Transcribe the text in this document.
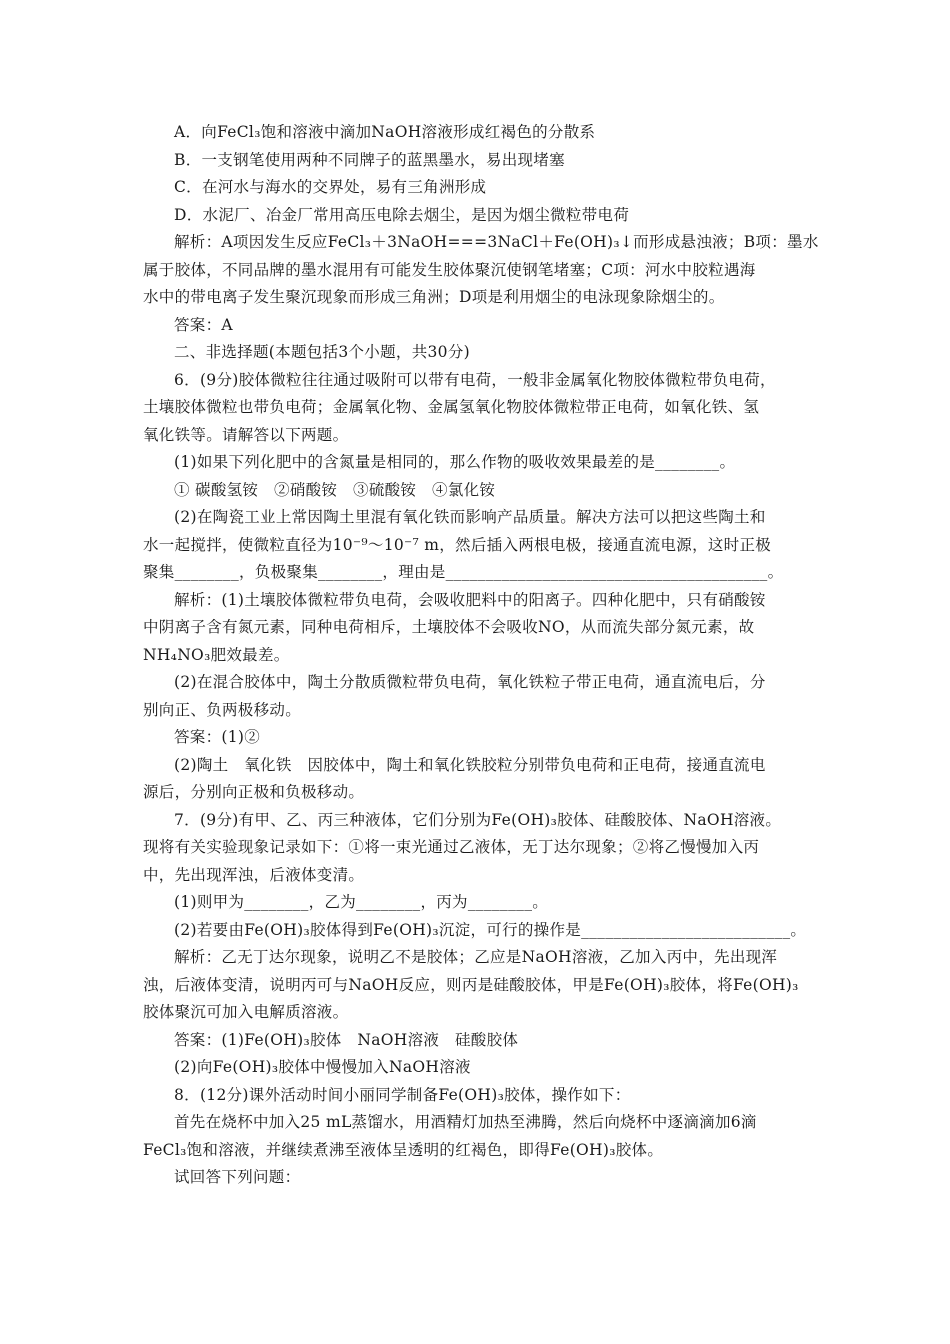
A．向FeCl₃饱和溶液中滴加NaOH溶液形成红褐色的分散系
B．一支钢笔使用两种不同牌子的蓝黑墨水，易出现堵塞
C．在河水与海水的交界处，易有三角洲形成
D．水泥厂、冶金厂常用高压电除去烟尘，是因为烟尘微粒带电荷
解析：A项因发生反应FeCl₃＋3NaOH===3NaCl＋Fe(OH)₃↓而形成悬浊液；B项：墨水
属于胶体，不同品牌的墨水混用有可能发生胶体聚沉使钢笔堵塞；C项：河水中胶粒遇海
水中的带电离子发生聚沉现象而形成三角洲；D项是利用烟尘的电泳现象除烟尘的。
答案：A
二、非选择题(本题包括3个小题，共30分)
6．(9分)胶体微粒往往通过吸附可以带有电荷，一般非金属氧化物胶体微粒带负电荷，
土壤胶体微粒也带负电荷；金属氧化物、金属氢氧化物胶体微粒带正电荷，如氧化铁、氢
氧化铁等。请解答以下两题。
(1)如果下列化肥中的含氮量是相同的，那么作物的吸收效果最差的是________。
① 碳酸氢铵　②硝酸铵　③硫酸铵　④氯化铵
(2)在陶瓷工业上常因陶土里混有氧化铁而影响产品质量。解决方法可以把这些陶土和
水一起搅拌，使微粒直径为10⁻⁹～10⁻⁷ m，然后插入两根电极，接通直流电源，这时正极
聚集________，负极聚集________，理由是________________________________________。
解析：(1)土壤胶体微粒带负电荷，会吸收肥料中的阳离子。四种化肥中，只有硝酸铵
中阴离子含有氮元素，同种电荷相斥，土壤胶体不会吸收NO，从而流失部分氮元素，故
NH₄NO₃肥效最差。
(2)在混合胶体中，陶土分散质微粒带负电荷，氧化铁粒子带正电荷，通直流电后，分
别向正、负两极移动。
答案：(1)②
(2)陶土　氧化铁　因胶体中，陶土和氧化铁胶粒分别带负电荷和正电荷，接通直流电
源后，分别向正极和负极移动。
7．(9分)有甲、乙、丙三种液体，它们分别为Fe(OH)₃胶体、硅酸胶体、NaOH溶液。
现将有关实验现象记录如下：①将一束光通过乙液体，无丁达尔现象；②将乙慢慢加入丙
中，先出现浑浊，后液体变清。
(1)则甲为________，乙为________，丙为________。
(2)若要由Fe(OH)₃胶体得到Fe(OH)₃沉淀，可行的操作是__________________________。
解析：乙无丁达尔现象，说明乙不是胶体；乙应是NaOH溶液，乙加入丙中，先出现浑
浊，后液体变清，说明丙可与NaOH反应，则丙是硅酸胶体，甲是Fe(OH)₃胶体，将Fe(OH)₃
胶体聚沉可加入电解质溶液。
答案：(1)Fe(OH)₃胶体　NaOH溶液　硅酸胶体
(2)向Fe(OH)₃胶体中慢慢加入NaOH溶液
8．(12分)课外活动时间小丽同学制备Fe(OH)₃胶体，操作如下：
首先在烧杯中加入25 mL蒸馏水，用酒精灯加热至沸腾，然后向烧杯中逐滴滴加6滴
FeCl₃饱和溶液，并继续煮沸至液体呈透明的红褐色，即得Fe(OH)₃胶体。
试回答下列问题：
